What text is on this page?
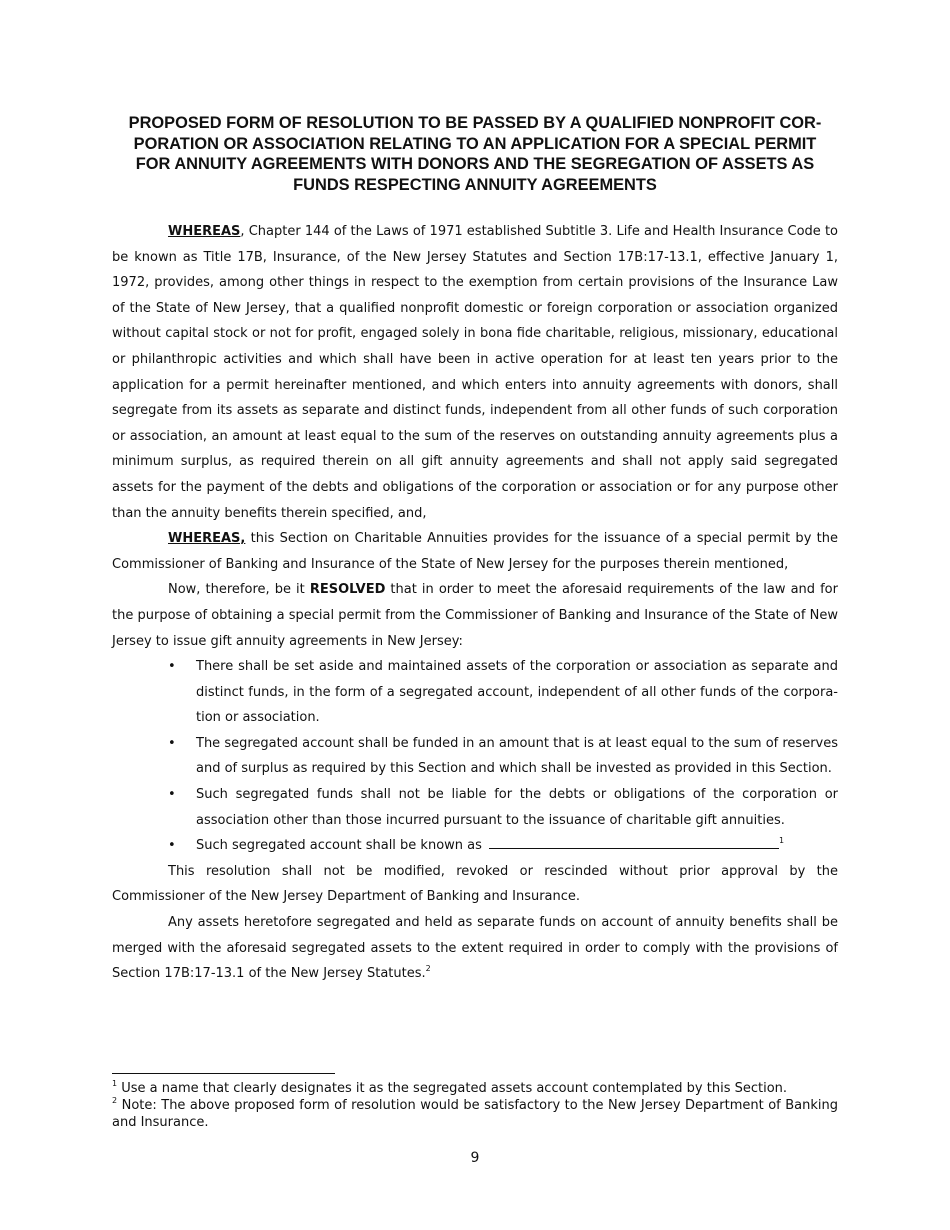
PROPOSED FORM OF RESOLUTION TO BE PASSED BY A QUALIFIED NONPROFIT COR-
PORATION OR ASSOCIATION RELATING TO AN APPLICATION FOR A SPECIAL PERMIT
FOR ANNUITY AGREEMENTS WITH DONORS AND THE SEGREGATION OF ASSETS AS
FUNDS RESPECTING ANNUITY AGREEMENTS

WHEREAS, Chapter 144 of the Laws of 1971 established Subtitle 3. Life and Health Insurance Code to be known as Title 17B, Insurance, of the New Jersey Statutes and Section 17B:17-13.1, effective January 1, 1972, provides, among other things in respect to the exemption from certain provisions of the Insurance Law of the State of New Jersey, that a qualified nonprofit domestic or foreign corporation or association organized without capital stock or not for profit, engaged solely in bona fide charitable, religious, missionary, educational or philanthropic activities and which shall have been in active operation for at least ten years prior to the application for a permit hereinafter mentioned, and which enters into annuity agreements with donors, shall segregate from its assets as separate and distinct funds, independent from all other funds of such corporation or association, an amount at least equal to the sum of the reserves on outstanding annuity agreements plus a minimum surplus, as required therein on all gift annuity agreements and shall not apply said segregated assets for the payment of the debts and obligations of the corporation or association or for any purpose other than the annuity benefits therein specified, and,

WHEREAS, this Section on Charitable Annuities provides for the issuance of a special permit by the Commissioner of Banking and Insurance of the State of New Jersey for the purposes therein mentioned,

Now, therefore, be it RESOLVED that in order to meet the aforesaid requirements of the law and for the purpose of obtaining a special permit from the Commissioner of Banking and Insurance of the State of New Jersey to issue gift annuity agreements in New Jersey:

• There shall be set aside and maintained assets of the corporation or association as separate and distinct funds, in the form of a segregated account, independent of all other funds of the corporation or association.
• The segregated account shall be funded in an amount that is at least equal to the sum of reserves and of surplus as required by this Section and which shall be invested as provided in this Section.
• Such segregated funds shall not be liable for the debts or obligations of the corporation or association other than those incurred pursuant to the issuance of charitable gift annuities.
• Such segregated account shall be known as	$^1$

This resolution shall not be modified, revoked or rescinded without prior approval by the Commissioner of the New Jersey Department of Banking and Insurance.

Any assets heretofore segregated and held as separate funds on account of annuity benefits shall be merged with the aforesaid segregated assets to the extent required in order to comply with the provisions of Section 17B:17-13.1 of the New Jersey Statutes.$^2$

$^1$ Use a name that clearly designates it as the segregated assets account contemplated by this Section.

$^2$ Note: The above proposed form of resolution would be satisfactory to the New Jersey Department of Banking and Insurance.

9
